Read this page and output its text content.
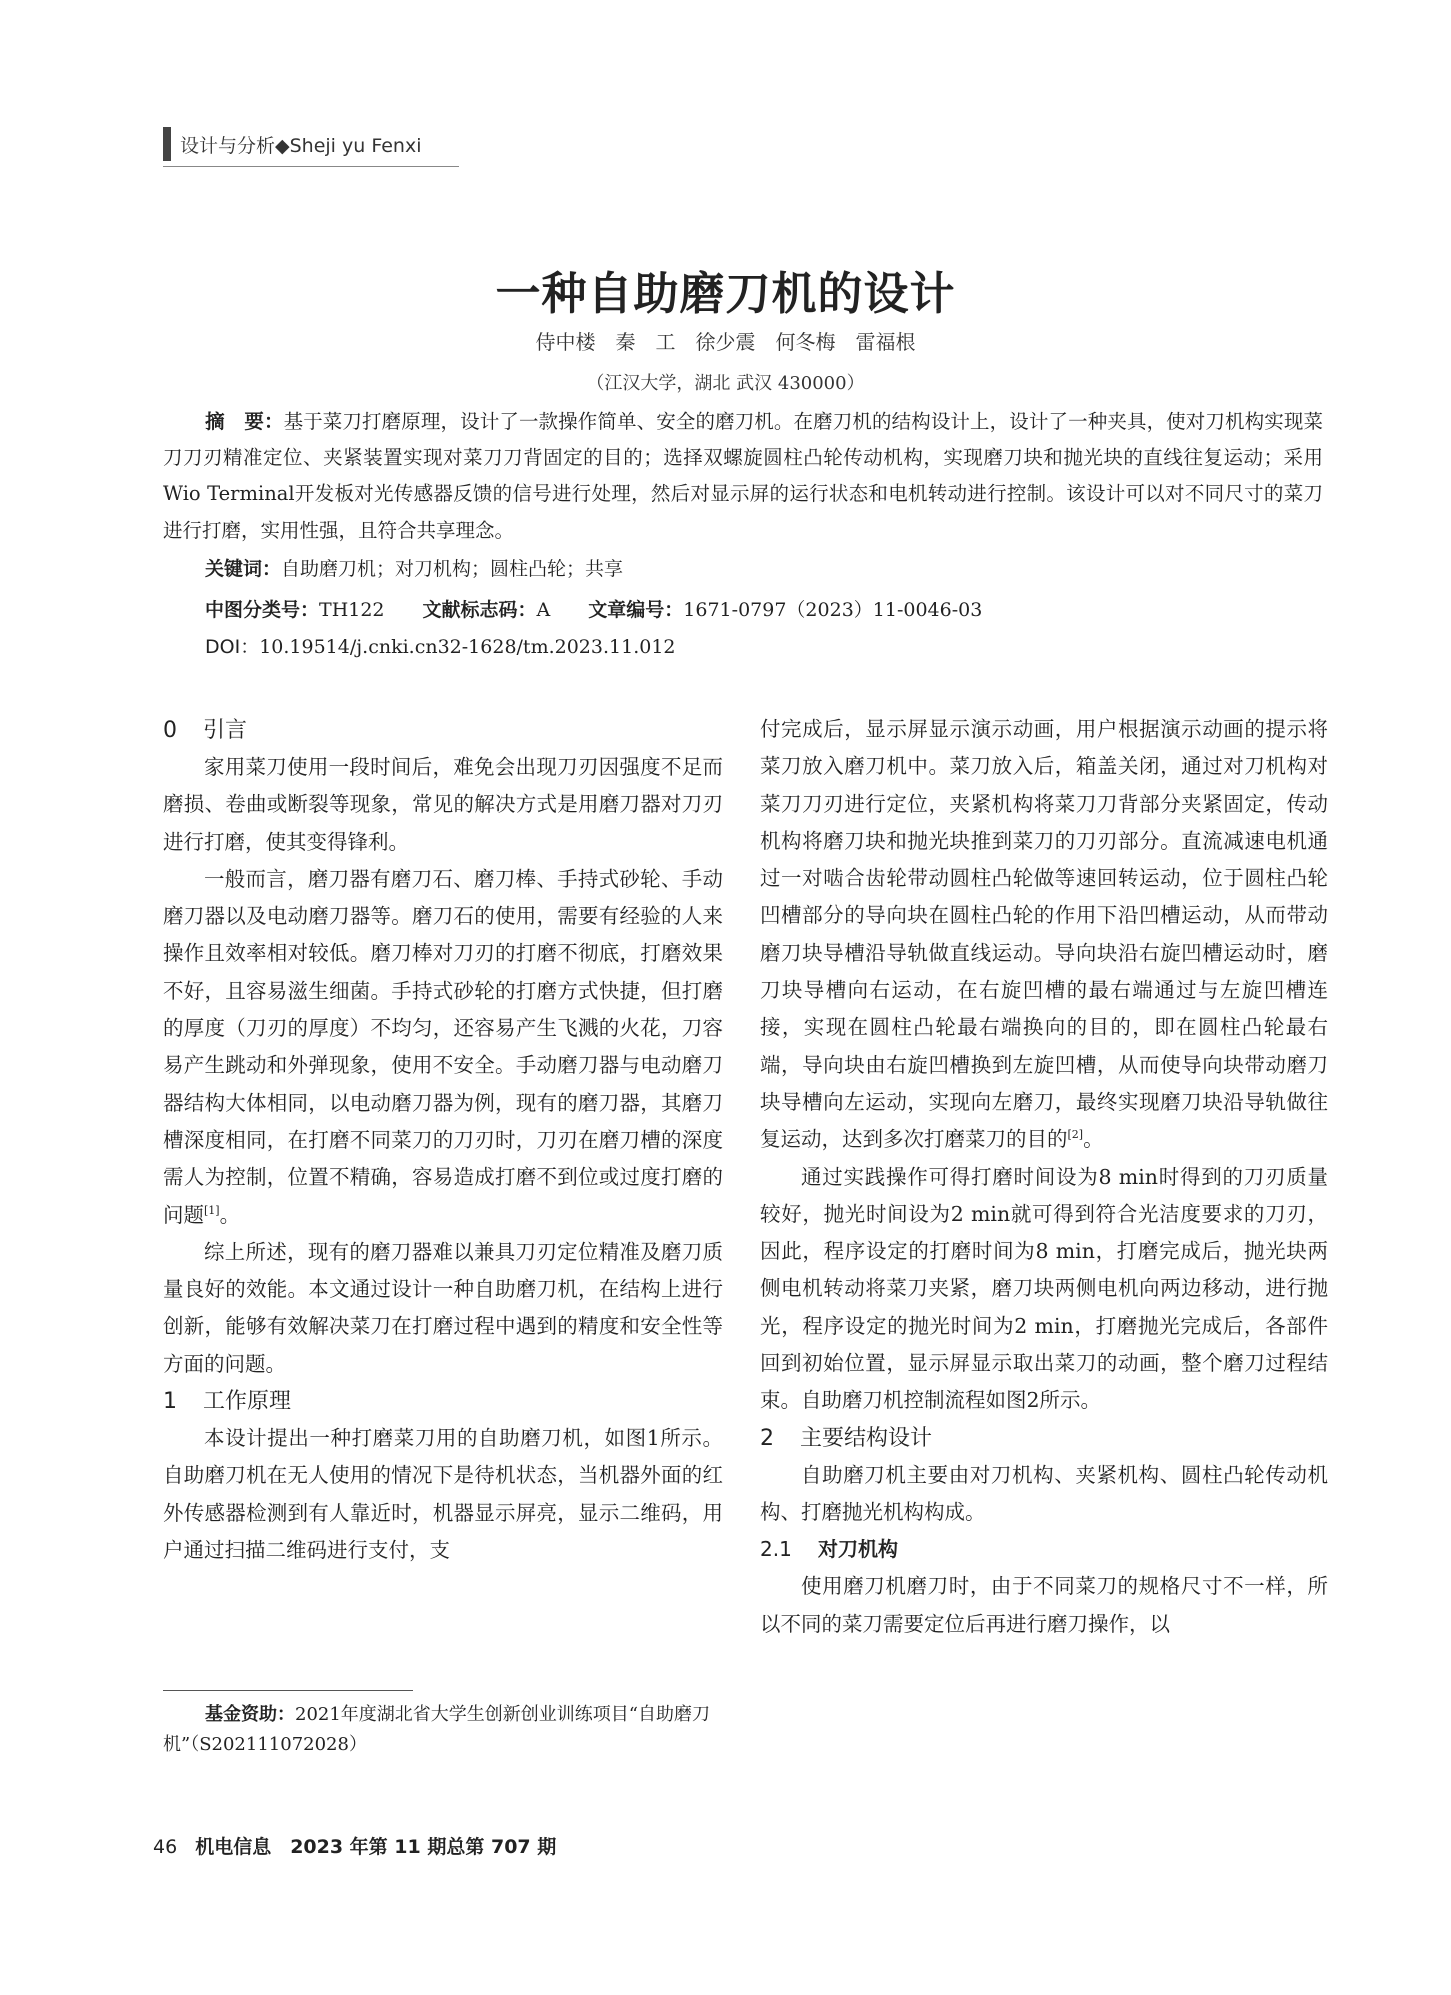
设计与分析◆Sheji yu Fenxi
一种自助磨刀机的设计
侍中楼　秦　工　徐少震　何冬梅　雷福根
（江汉大学，湖北 武汉 430000）
摘　要：基于菜刀打磨原理，设计了一款操作简单、安全的磨刀机。在磨刀机的结构设计上，设计了一种夹具，使对刀机构实现菜刀刀刃精准定位、夹紧装置实现对菜刀刀背固定的目的；选择双螺旋圆柱凸轮传动机构，实现磨刀块和抛光块的直线往复运动；采用Wio Terminal开发板对光传感器反馈的信号进行处理，然后对显示屏的运行状态和电机转动进行控制。该设计可以对不同尺寸的菜刀进行打磨，实用性强，且符合共享理念。
关键词：自助磨刀机；对刀机构；圆柱凸轮；共享
中图分类号：TH122 文献标志码：A 文章编号：1671-0797（2023）11-0046-03
DOI：10.19514/j.cnki.cn32-1628/tm.2023.11.012
0 引言

家用菜刀使用一段时间后，难免会出现刀刃因强度不足而磨损、卷曲或断裂等现象，常见的解决方式是用磨刀器对刀刃进行打磨，使其变得锋利。

一般而言，磨刀器有磨刀石、磨刀棒、手持式砂轮、手动磨刀器以及电动磨刀器等。磨刀石的使用，需要有经验的人来操作且效率相对较低。磨刀棒对刀刃的打磨不彻底，打磨效果不好，且容易滋生细菌。手持式砂轮的打磨方式快捷，但打磨的厚度（刀刃的厚度）不均匀，还容易产生飞溅的火花，刀容易产生跳动和外弹现象，使用不安全。手动磨刀器与电动磨刀器结构大体相同，以电动磨刀器为例，现有的磨刀器，其磨刀槽深度相同，在打磨不同菜刀的刀刃时，刀刃在磨刀槽的深度需人为控制，位置不精确，容易造成打磨不到位或过度打磨的问题[1]。

综上所述，现有的磨刀器难以兼具刀刃定位精准及磨刀质量良好的效能。本文通过设计一种自助磨刀机，在结构上进行创新，能够有效解决菜刀在打磨过程中遇到的精度和安全性等方面的问题。

1 工作原理

本设计提出一种打磨菜刀用的自助磨刀机，如图1所示。自助磨刀机在无人使用的情况下是待机状态，当机器外面的红外传感器检测到有人靠近时，机器显示屏亮，显示二维码，用户通过扫描二维码进行支付，支

付完成后，显示屏显示演示动画，用户根据演示动画的提示将菜刀放入磨刀机中。菜刀放入后，箱盖关闭，通过对刀机构对菜刀刀刃进行定位，夹紧机构将菜刀刀背部分夹紧固定，传动机构将磨刀块和抛光块推到菜刀的刀刃部分。直流减速电机通过一对啮合齿轮带动圆柱凸轮做等速回转运动，位于圆柱凸轮凹槽部分的导向块在圆柱凸轮的作用下沿凹槽运动，从而带动磨刀块导槽沿导轨做直线运动。导向块沿右旋凹槽运动时，磨刀块导槽向右运动，在右旋凹槽的最右端通过与左旋凹槽连接，实现在圆柱凸轮最右端换向的目的，即在圆柱凸轮最右端，导向块由右旋凹槽换到左旋凹槽，从而使导向块带动磨刀块导槽向左运动，实现向左磨刀，最终实现磨刀块沿导轨做往复运动，达到多次打磨菜刀的目的[2]。

通过实践操作可得打磨时间设为8 min时得到的刀刃质量较好，抛光时间设为2 min就可得到符合光洁度要求的刀刃，因此，程序设定的打磨时间为8 min，打磨完成后，抛光块两侧电机转动将菜刀夹紧，磨刀块两侧电机向两边移动，进行抛光，程序设定的抛光时间为2 min，打磨抛光完成后，各部件回到初始位置，显示屏显示取出菜刀的动画，整个磨刀过程结束。自助磨刀机控制流程如图2所示。

2 主要结构设计

自助磨刀机主要由对刀机构、夹紧机构、圆柱凸轮传动机构、打磨抛光机构构成。

2.1 对刀机构

使用磨刀机磨刀时，由于不同菜刀的规格尺寸不一样，所以不同的菜刀需要定位后再进行磨刀操作，以

基金资助：2021年度湖北省大学生创新创业训练项目“自助磨刀机”（S202111072028）
46 机电信息　2023 年第 11 期总第 707 期
